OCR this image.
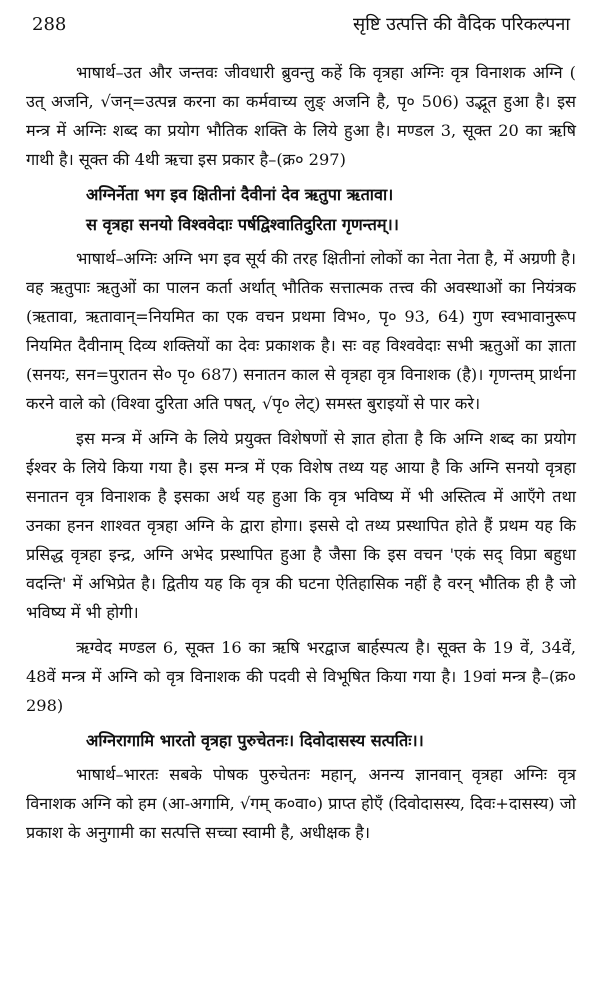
288	सृष्टि उत्पत्ति की वैदिक परिकल्पना

भाषार्थ–उत और जन्तवः जीवधारी ब्रुवन्तु कहें कि वृत्रहा अग्निः वृत्र विनाशक अग्नि ( उत् अजनि, √जन्=उत्पन्न करना का कर्मवाच्य लुङ् अजनि है, पृ० 506) उद्भूत हुआ है। इस मन्त्र में अग्निः शब्द का प्रयोग भौतिक शक्ति के लिये हुआ है। मण्डल 3, सूक्त 20 का ऋषि गाथी है। सूक्त की 4थी ऋचा इस प्रकार है–(क्र० 297)

अग्निर्नेता भग इव क्षितीनां दैवीनां देव ऋतुपा ऋतावा।
स वृत्रहा सनयो विश्ववेदाः पर्षद्विश्वातिदुरिता गृणन्तम्।।

भाषार्थ–अग्निः अग्नि भग इव सूर्य की तरह क्षितीनां लोकों का नेता नेता है, में अग्रणी है। वह ऋतुपाः ऋतुओं का पालन कर्ता अर्थात् भौतिक सत्तात्मक तत्त्व की अवस्थाओं का नियंत्रक (ऋतावा, ऋतावान्=नियमित का एक वचन प्रथमा विभ०, पृ० 93, 64) गुण स्वभावानुरूप नियमित दैवीनाम् दिव्य शक्तियों का देवः प्रकाशक है। सः वह विश्ववेदाः सभी ऋतुओं का ज्ञाता (सनयः, सन=पुरातन से० पृ० 687) सनातन काल से वृत्रहा वृत्र विनाशक (है)। गृणन्तम् प्रार्थना करने वाले को (विश्वा दुरिता अति पषत्, √पृ० लेट्) समस्त बुराइयों से पार करे।

इस मन्त्र में अग्नि के लिये प्रयुक्त विशेषणों से ज्ञात होता है कि अग्नि शब्द का प्रयोग ईश्वर के लिये किया गया है। इस मन्त्र में एक विशेष तथ्य यह आया है कि अग्नि सनयो वृत्रहा सनातन वृत्र विनाशक है इसका अर्थ यह हुआ कि वृत्र भविष्य में भी अस्तित्व में आएँगे तथा उनका हनन शाश्वत वृत्रहा अग्नि के द्वारा होगा। इससे दो तथ्य प्रस्थापित होते हैं प्रथम यह कि प्रसिद्ध वृत्रहा इन्द्र, अग्नि अभेद प्रस्थापित हुआ है जैसा कि इस वचन 'एकं सद् विप्रा बहुधा वदन्ति' में अभिप्रेत है। द्वितीय यह कि वृत्र की घटना ऐतिहासिक नहीं है वरन् भौतिक ही है जो भविष्य में भी होगी।

ऋग्वेद मण्डल 6, सूक्त 16 का ऋषि भरद्वाज बार्हस्पत्य है। सूक्त के 19 वें, 34वें, 48वें मन्त्र में अग्नि को वृत्र विनाशक की पदवी से विभूषित किया गया है। 19वां मन्त्र है–(क्र० 298)

अग्निरागामि भारतो वृत्रहा पुरुचेतनः। दिवोदासस्य सत्पतिः।।

भाषार्थ–भारतः सबके पोषक पुरुचेतनः महान्, अनन्य ज्ञानवान् वृत्रहा अग्निः वृत्र विनाशक अग्नि को हम (आ-अगामि, √गम् क०वा०) प्राप्त होएँ (दिवोदासस्य, दिवः+दासस्य) जो प्रकाश के अनुगामी का सत्पत्ति सच्चा स्वामी है, अधीक्षक है।
